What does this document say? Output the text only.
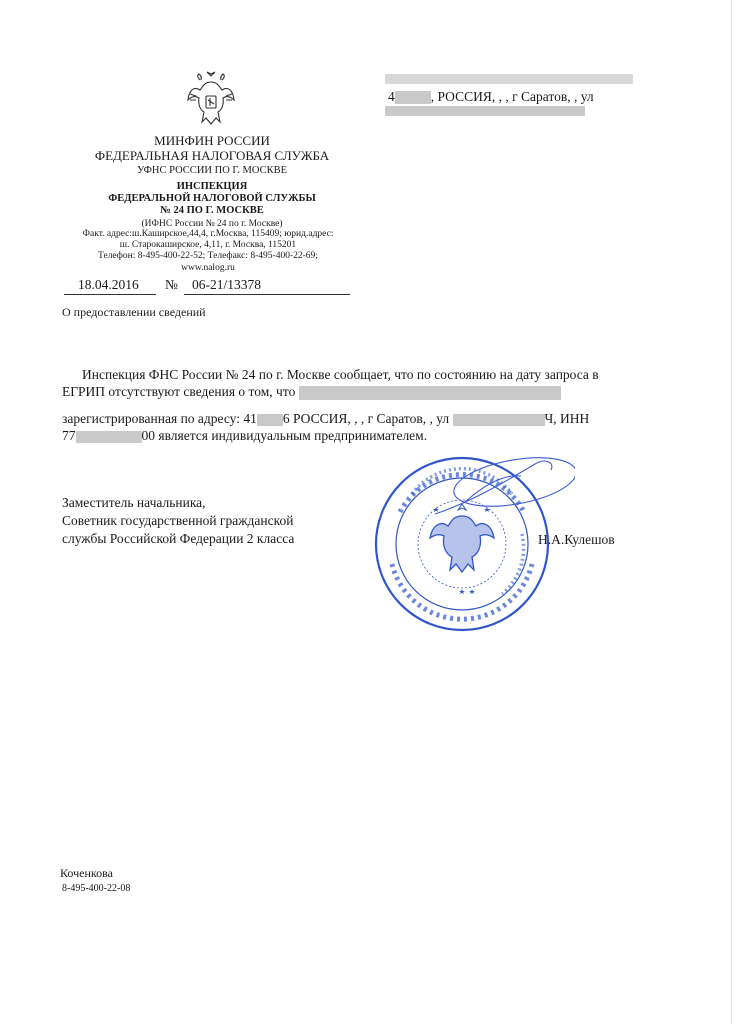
МИНФИН РОССИИ
ФЕДЕРАЛЬНАЯ НАЛОГОВАЯ СЛУЖБА
УФНС РОССИИ ПО Г. МОСКВЕ
ИНСПЕКЦИЯ
ФЕДЕРАЛЬНОЙ НАЛОГОВОЙ СЛУЖБЫ
№ 24 ПО Г. МОСКВЕ
(ИФНС России № 24 по г. Москве)
Факт. адрес:ш.Каширское,44,4, г.Москва, 115409; юрид.адрес:
ш. Старокаширское, 4,11, г. Москва, 115201
Телефон: 8-495-400-22-52; Телефакс: 8-495-400-22-69;
www.nalog.ru
18.04.2016 № 06-21/13378
О предоставлении сведений
4	, РОССИЯ, , , г Саратов, , ул
Инспекция ФНС России № 24 по г. Москве сообщает, что по состоянию на дату запроса в
ЕГРИП отсутствуют сведения о том, что
зарегистрированная по адресу: 41 6 РОССИЯ, , , г Саратов, , ул	Ч, ИНН
77	00 является индивидуальным предпринимателем.
Заместитель начальника,
Советник государственной гражданской
службы Российской Федерации 2 класса	Н.А.Кулешов
Коченкова
8-495-400-22-08
